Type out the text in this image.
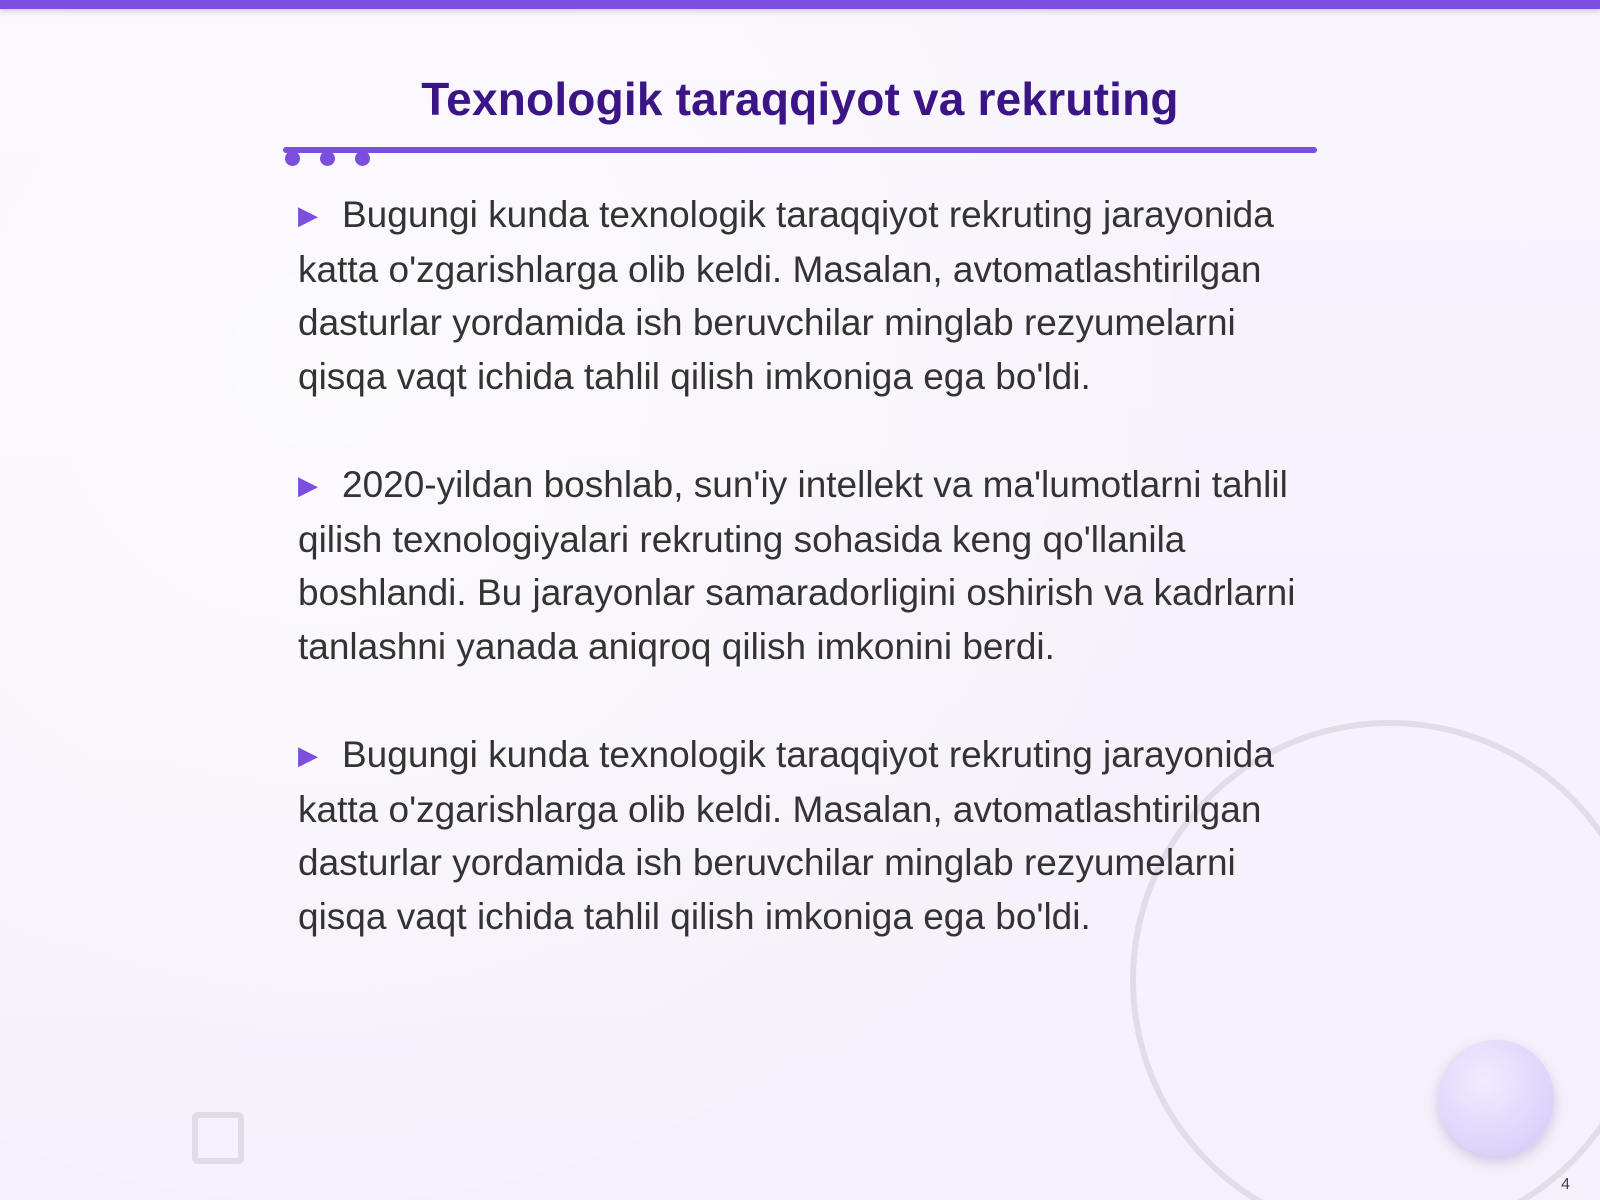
Texnologik taraqqiyot va rekruting
▶ Bugungi kunda texnologik taraqqiyot rekruting jarayonida katta o'zgarishlarga olib keldi. Masalan, avtomatlashtirilgan dasturlar yordamida ish beruvchilar minglab rezyumelarni qisqa vaqt ichida tahlil qilish imkoniga ega bo'ldi.
▶ 2020-yildan boshlab, sun'iy intellekt va ma'lumotlarni tahlil qilish texnologiyalari rekruting sohasida keng qo'llanila boshlandi. Bu jarayonlar samaradorligini oshirish va kadrlarni tanlashni yanada aniqroq qilish imkonini berdi.
▶ Bugungi kunda texnologik taraqqiyot rekruting jarayonida katta o'zgarishlarga olib keldi. Masalan, avtomatlashtirilgan dasturlar yordamida ish beruvchilar minglab rezyumelarni qisqa vaqt ichida tahlil qilish imkoniga ega bo'ldi.
4
